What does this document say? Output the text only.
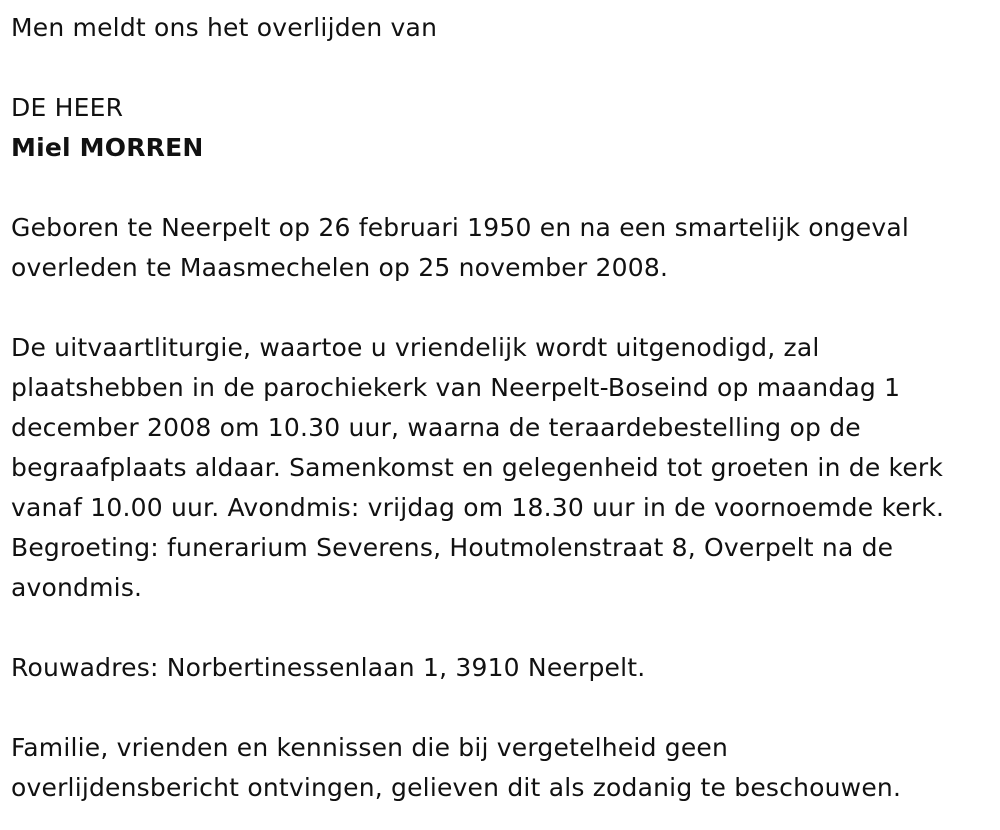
Men meldt ons het overlijden van

DE HEER

Miel MORREN

Geboren te Neerpelt op 26 februari 1950 en na een smartelijk ongeval
overleden te Maasmechelen op 25 november 2008.

De uitvaartliturgie, waartoe u vriendelijk wordt uitgenodigd, zal
plaatshebben in de parochiekerk van Neerpelt-Boseind op maandag 1
december 2008 om 10.30 uur, waarna de teraardebestelling op de
begraafplaats aldaar. Samenkomst en gelegenheid tot groeten in de kerk
vanaf 10.00 uur. Avondmis: vrijdag om 18.30 uur in de voornoemde kerk.
Begroeting: funerarium Severens, Houtmolenstraat 8, Overpelt na de
avondmis.

Rouwadres: Norbertinessenlaan 1, 3910 Neerpelt.

Familie, vrienden en kennissen die bij vergetelheid geen
overlijdensbericht ontvingen, gelieven dit als zodanig te beschouwen.
